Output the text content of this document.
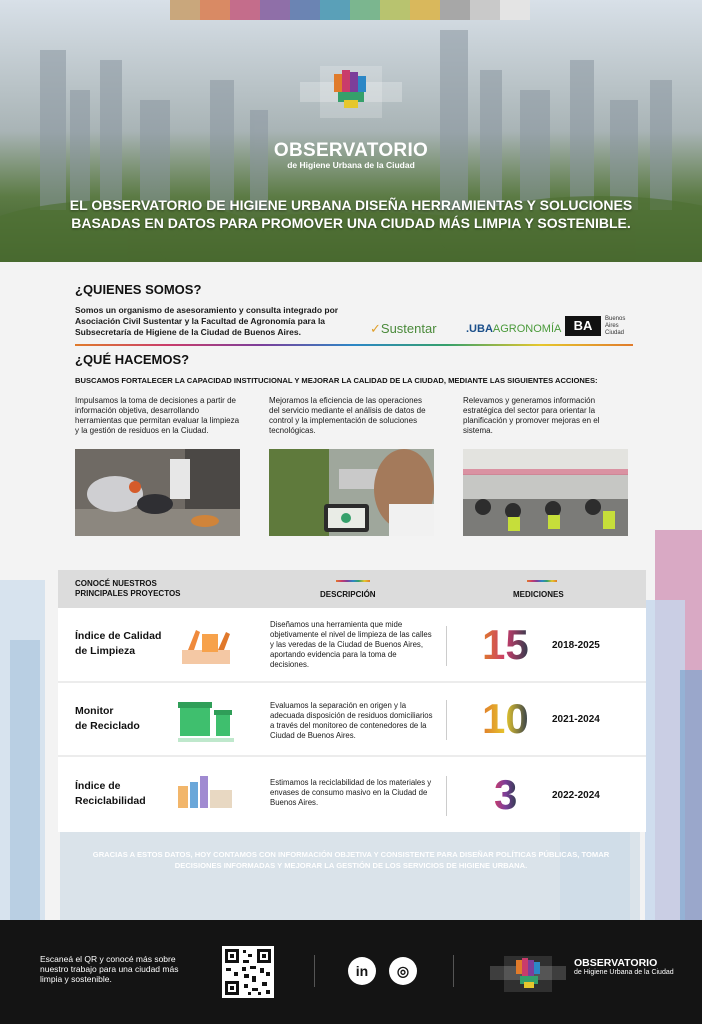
OBSERVATORIO
de Higiene Urbana de la Ciudad
EL OBSERVATORIO DE HIGIENE URBANA DISEÑA HERRAMIENTAS Y SOLUCIONES BASADAS EN DATOS PARA PROMOVER UNA CIUDAD MÁS LIMPIA Y SOSTENIBLE.
¿QUIENES SOMOS?
Somos un organismo de asesoramiento y consulta integrado por Asociación Civil Sustentar y la Facultad de Agronomía para la Subsecretaría de Higiene de la Ciudad de Buenos Aires.	✓Sustentar	.UBAAGRONOMÍA BA	Buenos
Aires
Ciudad
¿QUÉ HACEMOS?
BUSCAMOS FORTALECER LA CAPACIDAD INSTITUCIONAL Y MEJORAR LA CALIDAD DE LA CIUDAD, MEDIANTE LAS SIGUIENTES ACCIONES:
Impulsamos la toma de decisiones a partir de información objetiva, desarrollando herramientas que permitan evaluar la limpieza y la gestión de residuos en la Ciudad.
Mejoramos la eficiencia de las operaciones del servicio mediante el análisis de datos de control y la implementación de soluciones tecnológicas.
Relevamos y generamos información estratégica del sector para orientar la planificación y promover mejoras en el sistema.
CONOCÉ NUESTROS
PRINCIPALES PROYECTOS	DESCRIPCIÓN	MEDICIONES
Índice de Calidad
de Limpieza
Diseñamos una herramienta que mide objetivamente el nivel de limpieza de las calles y las veredas de la Ciudad de Buenos Aires, aportando evidencia para la toma de decisiones.	15 2018-2025
Monitor
de Reciclado
Evaluamos la separación en origen y la adecuada disposición de residuos domiciliarios a través del monitoreo de contenedores de la Ciudad de Buenos Aires.	10 2021-2024
Índice de
Reciclabilidad
Estimamos la reciclabilidad de los materiales y envases de consumo masivo en la Ciudad de Buenos Aires.	3	2022-2024
GRACIAS A ESTOS DATOS, HOY CONTAMOS CON INFORMACIÓN OBJETIVA Y CONSISTENTE PARA DISEÑAR POLÍTICAS PÚBLICAS, TOMAR DECISIONES INFORMADAS Y MEJORAR LA GESTIÓN DE LOS SERVICIOS DE HIGIENE URBANA.
Escaneá el QR y conocé más sobre nuestro trabajo para una ciudad más limpia y sostenible.	in	◎	OBSERVATORIO
de Higiene Urbana de la Ciudad
